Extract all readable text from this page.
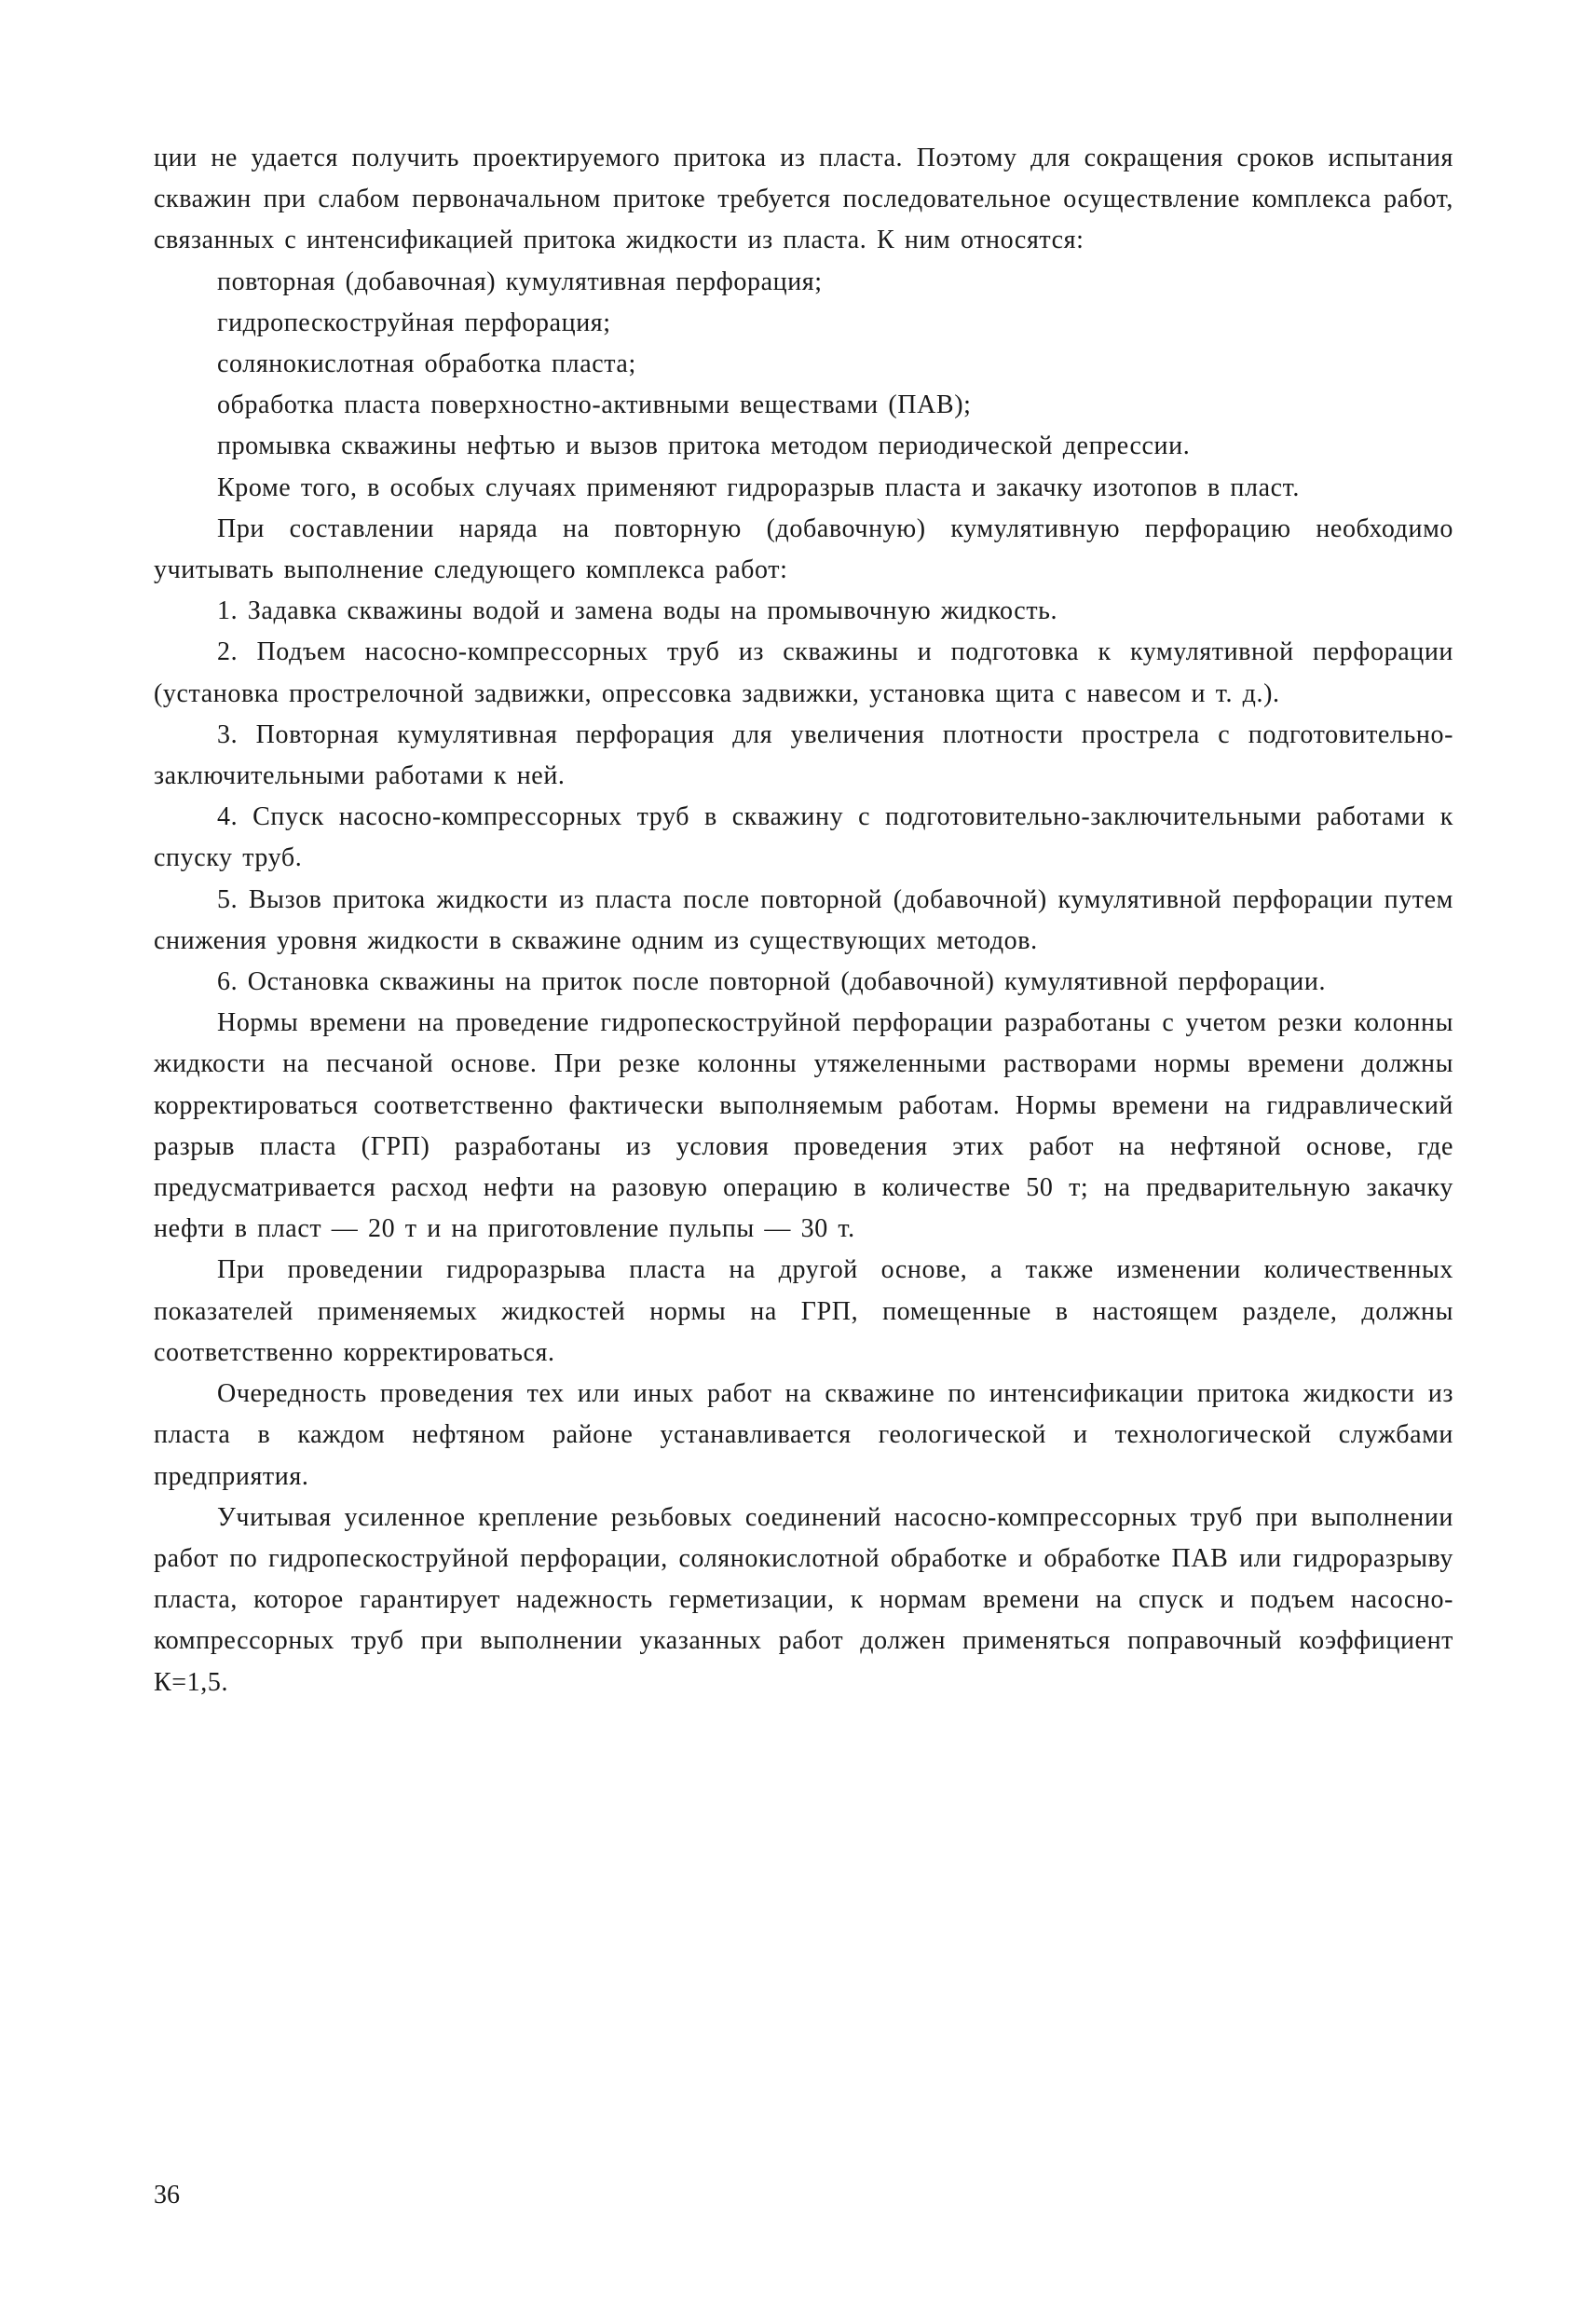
ции не удается получить проектируемого притока из пласта. Поэтому для сокращения сроков испытания скважин при слабом первоначальном притоке требуется последовательное осуществление комплекса работ, связанных с интенсификацией притока жидкости из пласта. К ним относятся:

повторная (добавочная) кумулятивная перфорация;

гидропескоструйная перфорация;

солянокислотная обработка пласта;

обработка пласта поверхностно-активными веществами (ПАВ);

промывка скважины нефтью и вызов притока методом периодической депрессии.

Кроме того, в особых случаях применяют гидроразрыв пласта и закачку изотопов в пласт.

При составлении наряда на повторную (добавочную) кумулятивную перфорацию необходимо учитывать выполнение следующего комплекса работ:

1. Задавка скважины водой и замена воды на промывочную жидкость.

2. Подъем насосно-компрессорных труб из скважины и подготовка к кумулятивной перфорации (установка прострелочной задвижки, опрессовка задвижки, установка щита с навесом и т. д.).

3. Повторная кумулятивная перфорация для увеличения плотности прострела с подготовительно-заключительными работами к ней.

4. Спуск насосно-компрессорных труб в скважину с подготовительно-заключительными работами к спуску труб.

5. Вызов притока жидкости из пласта после повторной (добавочной) кумулятивной перфорации путем снижения уровня жидкости в скважине одним из существующих методов.

6. Остановка скважины на приток после повторной (добавочной) кумулятивной перфорации.

Нормы времени на проведение гидропескоструйной перфорации разработаны с учетом резки колонны жидкости на песчаной основе. При резке колонны утяжеленными растворами нормы времени должны корректироваться соответственно фактически выполняемым работам. Нормы времени на гидравлический разрыв пласта (ГРП) разработаны из условия проведения этих работ на нефтяной основе, где предусматривается расход нефти на разовую операцию в количестве 50 т; на предварительную закачку нефти в пласт — 20 т и на приготовление пульпы — 30 т.

При проведении гидроразрыва пласта на другой основе, а также изменении количественных показателей применяемых жидкостей нормы на ГРП, помещенные в настоящем разделе, должны соответственно корректироваться.

Очередность проведения тех или иных работ на скважине по интенсификации притока жидкости из пласта в каждом нефтяном районе устанавливается геологической и технологической службами предприятия.

Учитывая усиленное крепление резьбовых соединений насосно-компрессорных труб при выполнении работ по гидропескоструйной перфорации, солянокислотной обработке и обработке ПАВ или гидроразрыву пласта, которое гарантирует надежность герметизации, к нормам времени на спуск и подъем насосно-компрессорных труб при выполнении указанных работ должен применяться поправочный коэффициент К=1,5.

36
